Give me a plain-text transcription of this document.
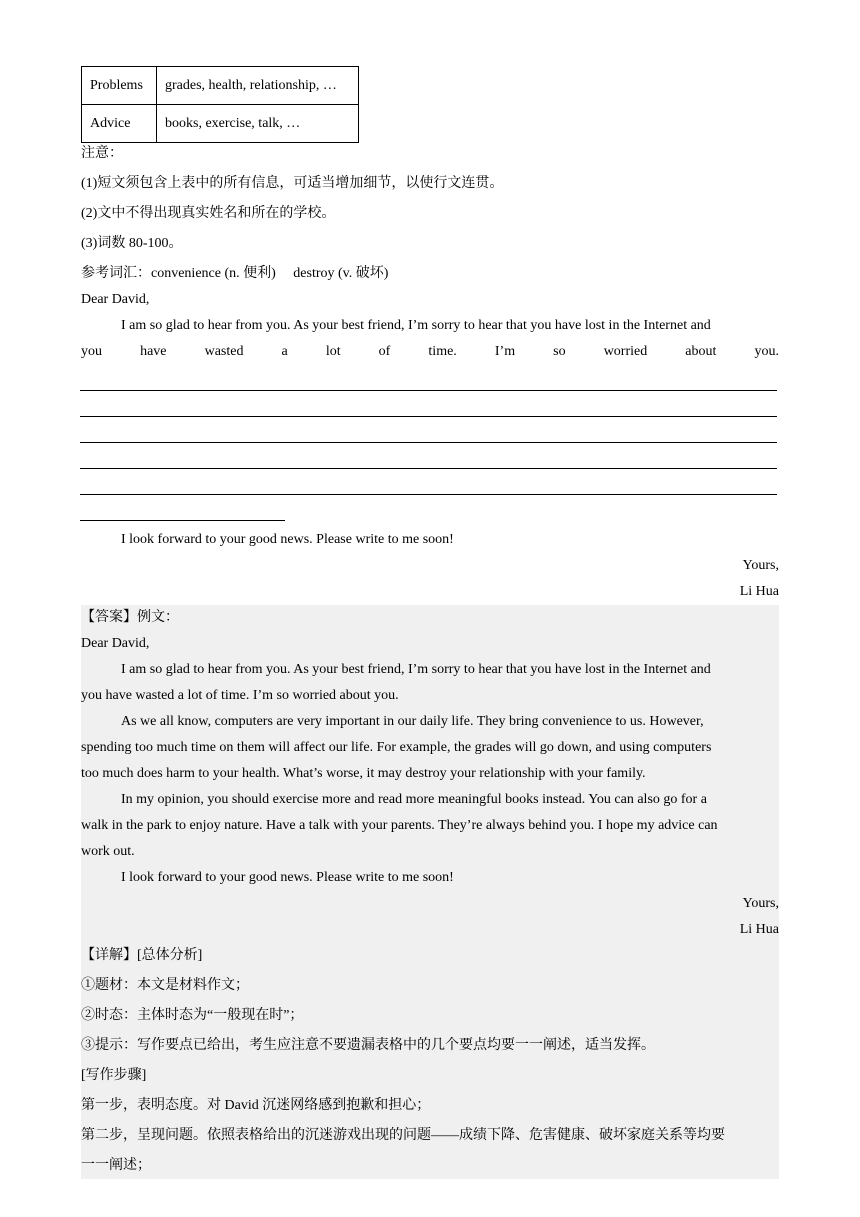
Problems	grades, health, relationship, …
Advice	books, exercise, talk, …
注意：
(1)短文须包含上表中的所有信息，可适当增加细节，以使行文连贯。
(2)文中不得出现真实姓名和所在的学校。
(3)词数 80-100。
参考词汇：convenience (n. 便利)     destroy (v. 破坏)
Dear David,
I am so glad to hear from you. As your best friend, I’m sorry to hear that you have lost in the Internet and
you have wasted a lot of time. I’m so worried about you.
I look forward to your good news. Please write to me soon!
Yours,
Li Hua
【答案】例文：
Dear David,
I am so glad to hear from you. As your best friend, I’m sorry to hear that you have lost in the Internet and
you have wasted a lot of time. I’m so worried about you.
As we all know, computers are very important in our daily life. They bring convenience to us. However,
spending too much time on them will affect our life. For example, the grades will go down, and using computers
too much does harm to your health. What’s worse, it may destroy your relationship with your family.
In my opinion, you should exercise more and read more meaningful books instead. You can also go for a
walk in the park to enjoy nature. Have a talk with your parents. They’re always behind you. I hope my advice can
work out.
I look forward to your good news. Please write to me soon!
Yours,
Li Hua
【详解】[总体分析]
①题材：本文是材料作文；
②时态：主体时态为“一般现在时”；
③提示：写作要点已给出，考生应注意不要遗漏表格中的几个要点均要一一阐述，适当发挥。
[写作步骤]
第一步，表明态度。对 David 沉迷网络感到抱歉和担心；
第二步，呈现问题。依照表格给出的沉迷游戏出现的问题——成绩下降、危害健康、破坏家庭关系等均要
一一阐述；
